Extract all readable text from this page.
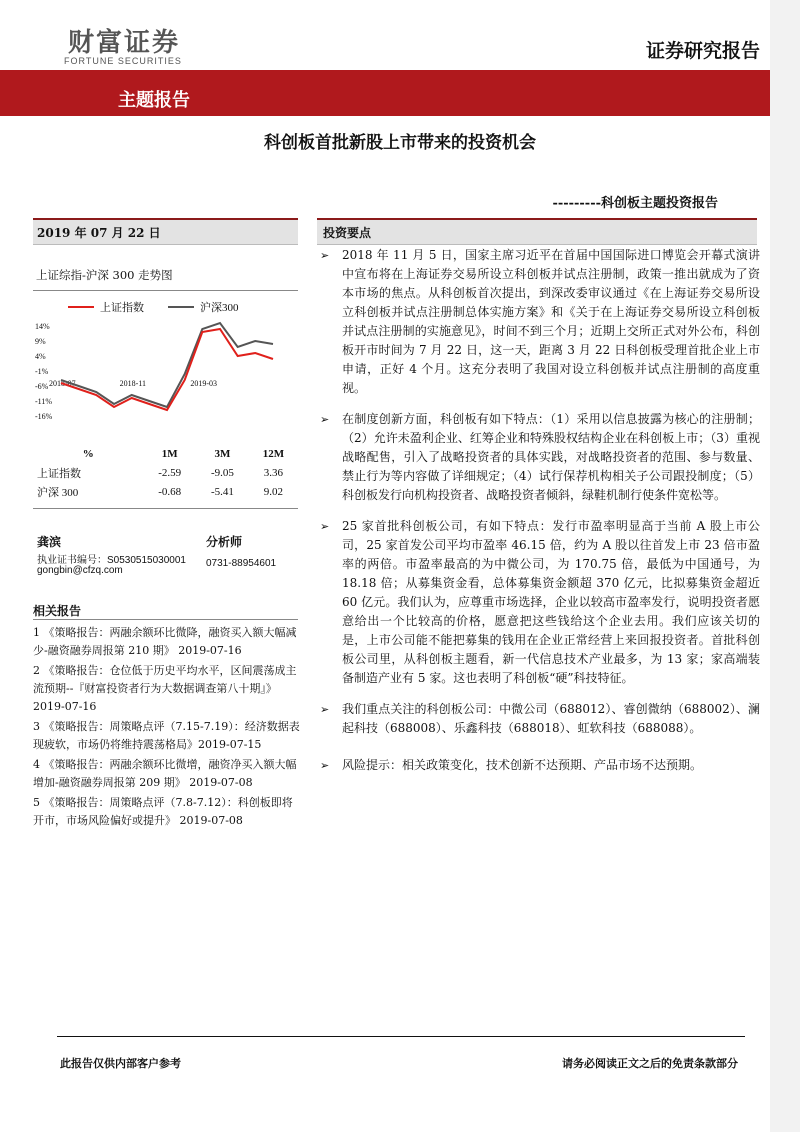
财富证券
FORTUNE SECURITIES	证券研究报告
主题报告
科创板首批新股上市带来的投资机会
---------科创板主题投资报告
2019 年 07 月 22 日
上证综指-沪深 300 走势图
上证指数	沪深300
14%
9%
4%
-1%
-6%
-11%
-16%
2018-07	2018-11	2019-03
%	1M	3M	12M
上证指数	-2.59	-9.05	3.36
沪深 300	-0.68	-5.41	9.02
龚滨	分析师
执业证书编号：S0530515030001
gongbin@cfzq.com
0731-88954601
相关报告

1 《策略报告：两融余额环比微降，融资买入额大幅减少-融资融券周报第 210 期》 2019-07-16

2 《策略报告：仓位低于历史平均水平，区间震荡成主流预期--『财富投资者行为大数据调查第八十期』》 2019-07-16

3 《策略报告：周策略点评（7.15-7.19）：经济数据表现疲软，市场仍将维持震荡格局》2019-07-15

4 《策略报告：两融余额环比微增，融资净买入额大幅增加-融资融券周报第 209 期》 2019-07-08

5 《策略报告：周策略点评（7.8-7.12）：科创板即将开市，市场风险偏好或提升》 2019-07-08

投资要点
➢	2018 年 11 月 5 日，国家主席习近平在首届中国国际进口博览会开幕式演讲中宣布将在上海证券交易所设立科创板并试点注册制，政策一推出就成为了资本市场的焦点。从科创板首次提出，到深改委审议通过《在上海证券交易所设立科创板并试点注册制总体实施方案》和《关于在上海证券交易所设立科创板并试点注册制的实施意见》，时间不到三个月；近期上交所正式对外公布，科创板开市时间为 7 月 22 日，这一天，距离 3 月 22 日科创板受理首批企业上市申请，正好 4 个月。这充分表明了我国对设立科创板并试点注册制的高度重视。
➢	在制度创新方面，科创板有如下特点：（1）采用以信息披露为核心的注册制；（2）允许未盈利企业、红筹企业和特殊股权结构企业在科创板上市；（3）重视战略配售，引入了战略投资者的具体实践，对战略投资者的范围、参与数量、禁止行为等内容做了详细规定；（4）试行保荐机构相关子公司跟投制度；（5）科创板发行向机构投资者、战略投资者倾斜，绿鞋机制行使条件宽松等。
➢	25 家首批科创板公司，有如下特点：发行市盈率明显高于当前 A 股上市公司，25 家首发公司平均市盈率 46.15 倍，约为 A 股以往首发上市 23 倍市盈率的两倍。市盈率最高的为中微公司，为 170.75 倍，最低为中国通号，为 18.18 倍；从募集资金看，总体募集资金额超 370 亿元，比拟募集资金超近 60 亿元。我们认为，应尊重市场选择，企业以较高市盈率发行，说明投资者愿意给出一个比较高的价格，愿意把这些钱给这个企业去用。我们应该关切的是，上市公司能不能把募集的钱用在企业正常经营上来回报投资者。首批科创板公司里，从科创板主题看，新一代信息技术产业最多，为 13 家；家高端装备制造产业有 5 家。这也表明了科创板“硬”科技特征。
➢	我们重点关注的科创板公司：中微公司（688012）、睿创微纳（688002）、澜起科技（688008）、乐鑫科技（688018）、虹软科技（688088）。
➢	风险提示：相关政策变化，技术创新不达预期、产品市场不达预期。
此报告仅供内部客户参考	请务必阅读正文之后的免责条款部分
